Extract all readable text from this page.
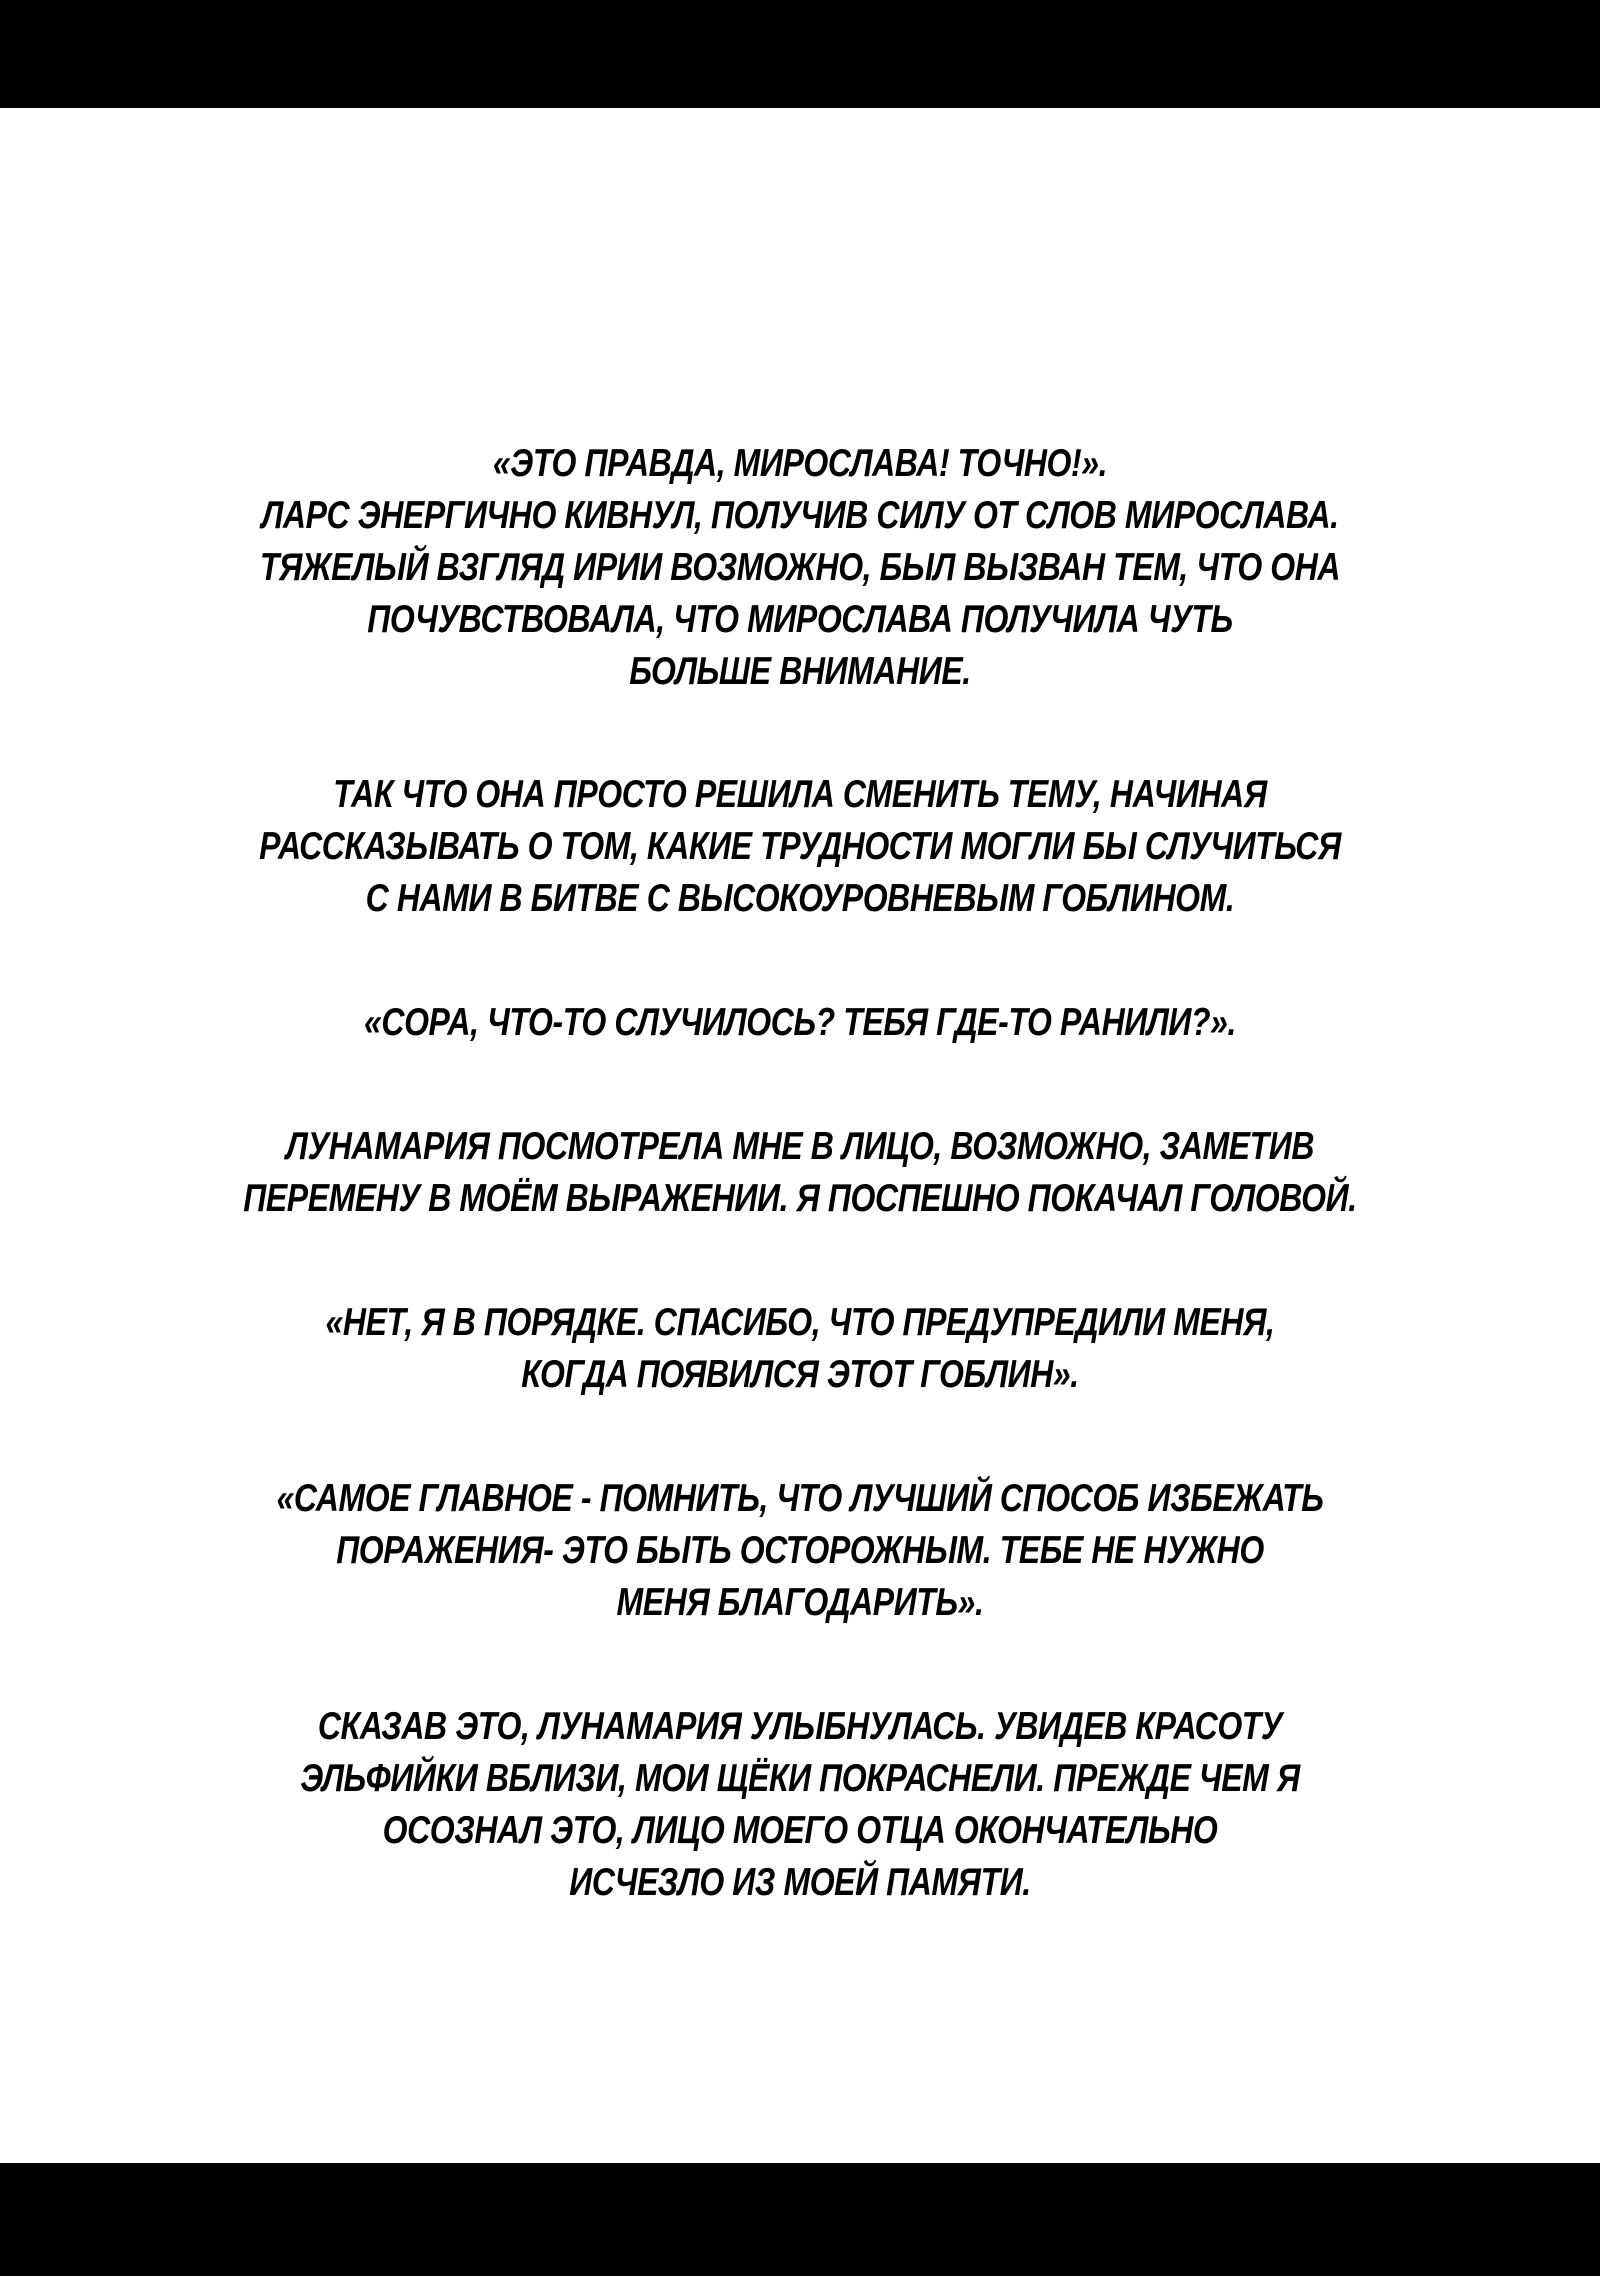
«ЭТО ПРАВДА, МИРОСЛАВА! ТОЧНО!».
ЛАРС ЭНЕРГИЧНО КИВНУЛ, ПОЛУЧИВ СИЛУ ОТ СЛОВ МИРОСЛАВА.
ТЯЖЕЛЫЙ ВЗГЛЯД ИРИИ ВОЗМОЖНО, БЫЛ ВЫЗВАН ТЕМ, ЧТО ОНА
ПОЧУВСТВОВАЛА, ЧТО МИРОСЛАВА ПОЛУЧИЛА ЧУТЬ
БОЛЬШЕ ВНИМАНИЕ.

ТАК ЧТО ОНА ПРОСТО РЕШИЛА СМЕНИТЬ ТЕМУ, НАЧИНАЯ
РАССКАЗЫВАТЬ О ТОМ, КАКИЕ ТРУДНОСТИ МОГЛИ БЫ СЛУЧИТЬСЯ
С НАМИ В БИТВЕ С ВЫСОКОУРОВНЕВЫМ ГОБЛИНОМ.

«СОРА, ЧТО-ТО СЛУЧИЛОСЬ? ТЕБЯ ГДЕ-ТО РАНИЛИ?».

ЛУНАМАРИЯ ПОСМОТРЕЛА МНЕ В ЛИЦО, ВОЗМОЖНО, ЗАМЕТИВ
ПЕРЕМЕНУ В МОЁМ ВЫРАЖЕНИИ. Я ПОСПЕШНО ПОКАЧАЛ ГОЛОВОЙ.

«НЕТ, Я В ПОРЯДКЕ. СПАСИБО, ЧТО ПРЕДУПРЕДИЛИ МЕНЯ,
КОГДА ПОЯВИЛСЯ ЭТОТ ГОБЛИН».

«САМОЕ ГЛАВНОЕ - ПОМНИТЬ, ЧТО ЛУЧШИЙ СПОСОБ ИЗБЕЖАТЬ
ПОРАЖЕНИЯ- ЭТО БЫТЬ ОСТОРОЖНЫМ. ТЕБЕ НЕ НУЖНО
МЕНЯ БЛАГОДАРИТЬ».

СКАЗАВ ЭТО, ЛУНАМАРИЯ УЛЫБНУЛАСЬ. УВИДЕВ КРАСОТУ
ЭЛЬФИЙКИ ВБЛИЗИ, МОИ ЩЁКИ ПОКРАСНЕЛИ. ПРЕЖДЕ ЧЕМ Я
ОСОЗНАЛ ЭТО, ЛИЦО МОЕГО ОТЦА ОКОНЧАТЕЛЬНО
ИСЧЕЗЛО ИЗ МОЕЙ ПАМЯТИ.
